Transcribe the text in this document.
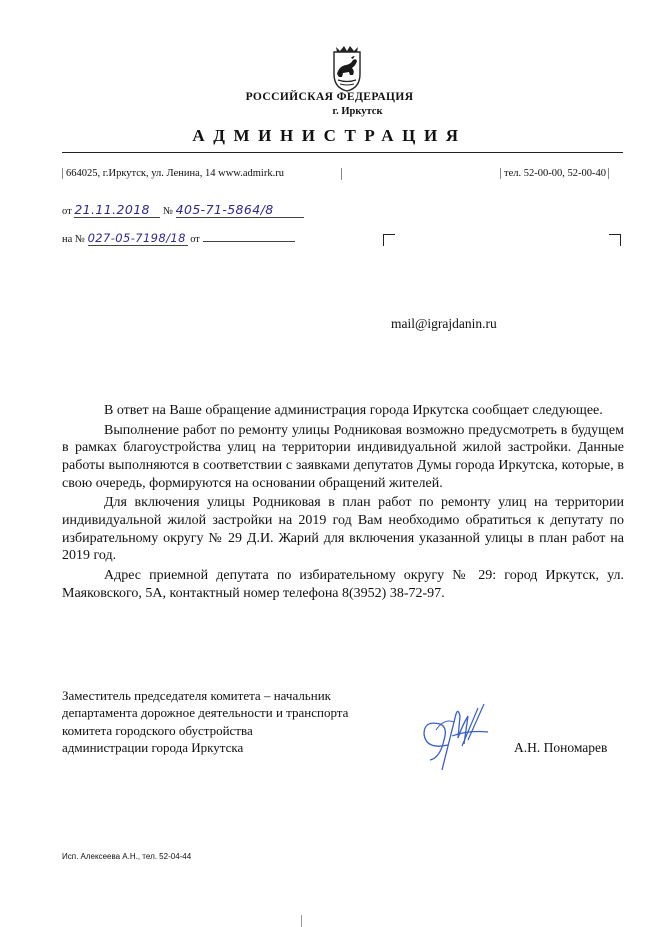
РОССИЙСКАЯ ФЕДЕРАЦИЯ
г. Иркутск
АДМИНИСТРАЦИЯ
664025, г.Иркутск, ул. Ленина, 14 www.admirk.ru	тел. 52-00-00, 52-00-40
от 21.11.2018 № 405-71-5864/8
на № 027-05-7198/18 от
mail@igrajdanin.ru

В ответ на Ваше обращение администрация города Иркутска сообщает следующее.

Выполнение работ по ремонту улицы Родниковая возможно предусмотреть в будущем в рамках благоустройства улиц на территории индивидуальной жилой застройки. Данные работы выполняются в соответствии с заявками депутатов Думы города Иркутска, которые, в свою очередь, формируются на основании обращений жителей.

Для включения улицы Родниковая в план работ по ремонту улиц на территории индивидуальной жилой застройки на 2019 год Вам необходимо обратиться к депутату по избирательному округу № 29 Д.И. Жарий для включения указанной улицы в план работ на 2019 год.

Адрес приемной депутата по избирательному округу № 29: город Иркутск, ул. Маяковского, 5А, контактный номер телефона 8(3952) 38-72-97.

Заместитель председателя комитета – начальник
департамента дорожное деятельности и транспорта
комитета городского обустройства
администрации города Иркутска	А.Н. Пономарев
Исп. Алексеева А.Н., тел. 52-04-44
